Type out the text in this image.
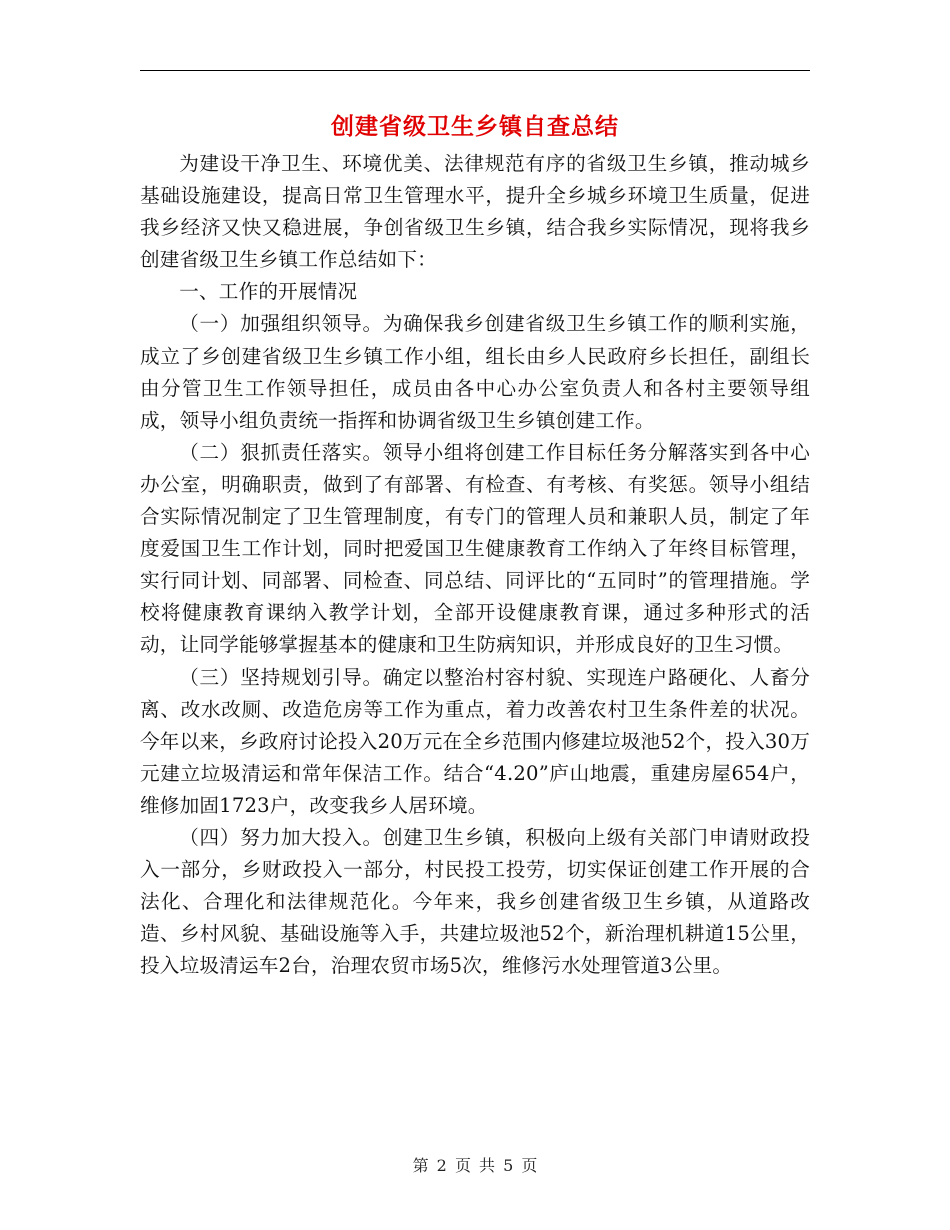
创建省级卫生乡镇自查总结

为建设干净卫生、环境优美、法律规范有序的省级卫生乡镇，推动城乡基础设施建设，提高日常卫生管理水平，提升全乡城乡环境卫生质量，促进我乡经济又快又稳进展，争创省级卫生乡镇，结合我乡实际情况，现将我乡创建省级卫生乡镇工作总结如下：

一、工作的开展情况

（一）加强组织领导。为确保我乡创建省级卫生乡镇工作的顺利实施，成立了乡创建省级卫生乡镇工作小组，组长由乡人民政府乡长担任，副组长由分管卫生工作领导担任，成员由各中心办公室负责人和各村主要领导组成，领导小组负责统一指挥和协调省级卫生乡镇创建工作。

（二）狠抓责任落实。领导小组将创建工作目标任务分解落实到各中心办公室，明确职责，做到了有部署、有检查、有考核、有奖惩。领导小组结合实际情况制定了卫生管理制度，有专门的管理人员和兼职人员，制定了年度爱国卫生工作计划，同时把爱国卫生健康教育工作纳入了年终目标管理，实行同计划、同部署、同检查、同总结、同评比的“五同时”的管理措施。学校将健康教育课纳入教学计划，全部开设健康教育课，通过多种形式的活动，让同学能够掌握基本的健康和卫生防病知识，并形成良好的卫生习惯。

（三）坚持规划引导。确定以整治村容村貌、实现连户路硬化、人畜分离、改水改厕、改造危房等工作为重点，着力改善农村卫生条件差的状况。今年以来，乡政府讨论投入20万元在全乡范围内修建垃圾池52个，投入30万元建立垃圾清运和常年保洁工作。结合“4.20”庐山地震，重建房屋654户，维修加固1723户，改变我乡人居环境。

（四）努力加大投入。创建卫生乡镇，积极向上级有关部门申请财政投入一部分，乡财政投入一部分，村民投工投劳，切实保证创建工作开展的合法化、合理化和法律规范化。今年来，我乡创建省级卫生乡镇，从道路改造、乡村风貌、基础设施等入手，共建垃圾池52个，新治理机耕道15公里，投入垃圾清运车2台，治理农贸市场5次，维修污水处理管道3公里。

第 2 页 共 5 页
